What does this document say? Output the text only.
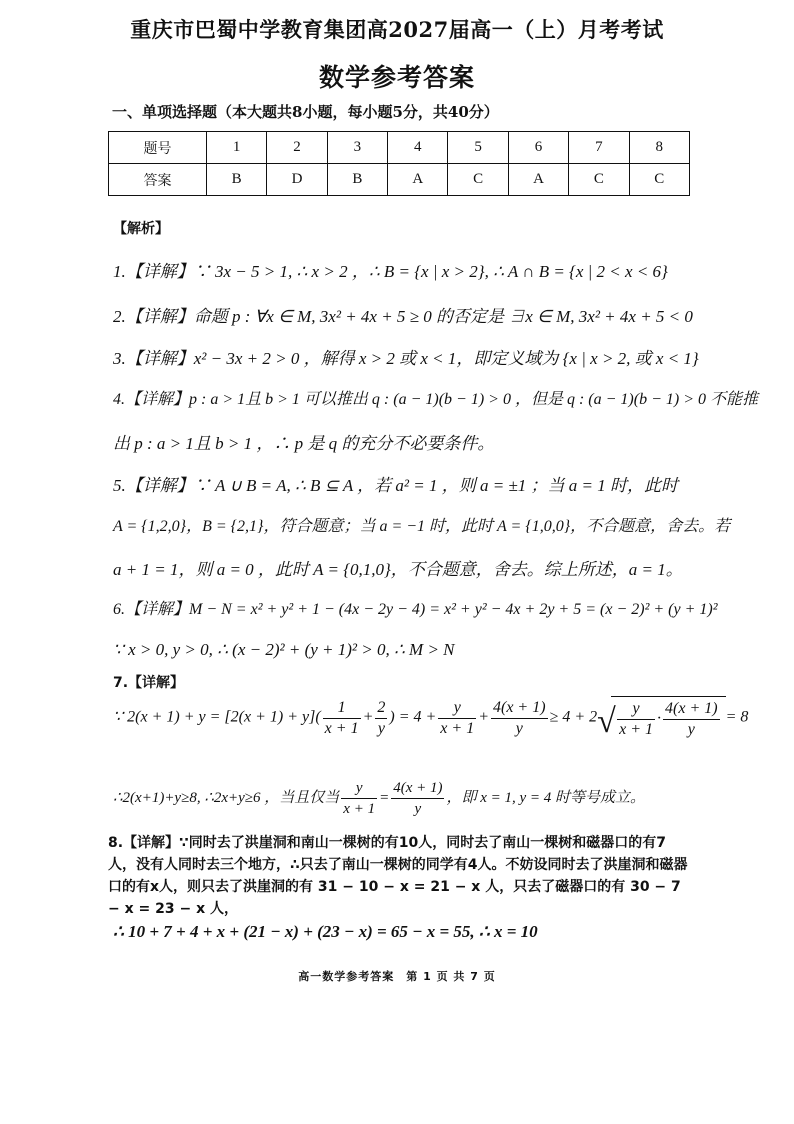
重庆市巴蜀中学教育集团高2027届高一（上）月考考试
数学参考答案
一、单项选择题（本大题共8小题，每小题5分，共40分）
题号	1	2	3	4	5	6	7	8
答案	B	D	B	A	C	A	C	C
【解析】
1.【详解】∵ 3x − 5 > 1, ∴ x > 2 ，∴ B = {x | x > 2}, ∴ A ∩ B = {x | 2 < x < 6}
2.【详解】命题 p : ∀x ∈ M, 3x² + 4x + 5 ≥ 0 的否定是 ∃x ∈ M, 3x² + 4x + 5 < 0
3.【详解】x² − 3x + 2 > 0 ，解得 x > 2 或 x < 1，即定义域为 {x | x > 2, 或 x < 1}
4.【详解】p : a > 1且 b > 1 可以推出 q : (a − 1)(b − 1) > 0 ，但是 q : (a − 1)(b − 1) > 0 不能推
出 p : a > 1且 b > 1 ，∴ p 是 q 的充分不必要条件。
5.【详解】∵ A ∪ B = A, ∴ B ⊆ A ，若 a² = 1 ，则 a = ±1 ；当 a = 1 时，此时
A = {1,2,0}，B = {2,1}，符合题意；当 a = −1 时，此时 A = {1,0,0}，不合题意，舍去。若
a + 1 = 1，则 a = 0 ，此时 A = {0,1,0}，不合题意，舍去。综上所述，a = 1。
6.【详解】M − N = x² + y² + 1 − (4x − 2y − 4) = x² + y² − 4x + 2y + 5 = (x − 2)² + (y + 1)²
∵ x > 0, y > 0, ∴ (x − 2)² + (y + 1)² > 0, ∴ M > N
7.【详解】
∵ $2(x + 1) + y = [2(x + 1) + y]( \frac{1}{x + 1} + \frac{2}{y}$ ) = $4 + \frac{y}{x + 1} + \frac{4(x + 1)}{y} \ge 4 + 2$ √ $\frac{y}{x + 1} \cdot \frac{4(x + 1)}{y} = 8$
∴2(x+1)+y≥8, ∴2x+y≥6 ，当且仅当 $\frac{y}{x + 1} = \frac{4(x + 1)}{y}$ ，即 x = 1, y = 4 时等号成立。
8.【详解】∵同时去了洪崖洞和南山一棵树的有10人，同时去了南山一棵树和磁器口的有7人，没有人同时去三个地方，∴只去了南山一棵树的同学有4人。不妨设同时去了洪崖洞和磁器口的有x人，则只去了洪崖洞的有 31 − 10 − x = 21 − x 人，只去了磁器口的有 30 − 7 − x = 23 − x 人，
∴ 10 + 7 + 4 + x + (21 − x) + (23 − x) = 65 − x = 55, ∴ x = 10
高一数学参考答案　第 1 页 共 7 页
